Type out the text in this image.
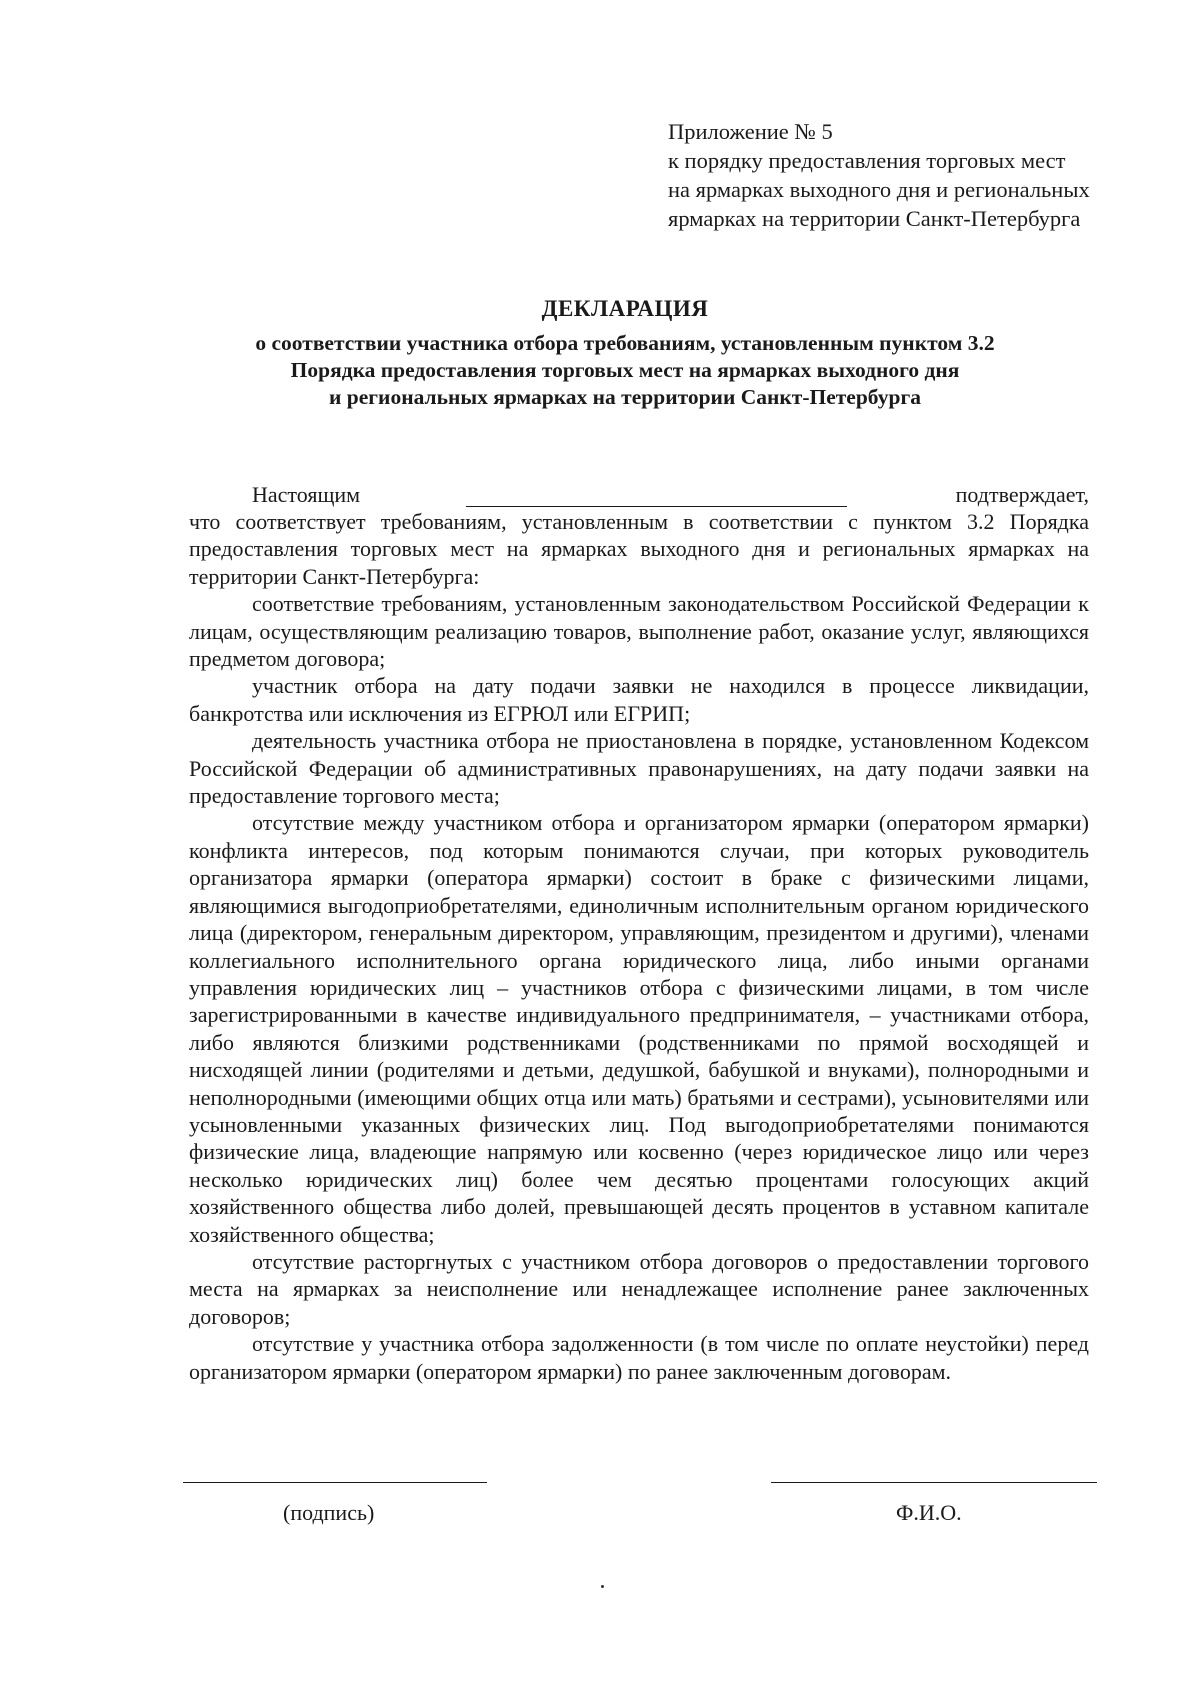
Приложение № 5
к порядку предоставления торговых мест
на ярмарках выходного дня и региональных
ярмарках на территории Санкт-Петербурга
ДЕКЛАРАЦИЯ
о соответствии участника отбора требованиям, установленным пунктом 3.2
Порядка предоставления торговых мест на ярмарках выходного дня
и региональных ярмарках на территории Санкт-Петербурга
Настоящим	подтверждает,

что соответствует требованиям, установленным в соответствии с пунктом 3.2 Порядка предоставления торговых мест на ярмарках выходного дня и региональных ярмарках на территории Санкт-Петербурга:

соответствие требованиям, установленным законодательством Российской Федерации к лицам, осуществляющим реализацию товаров, выполнение работ, оказание услуг, являющихся предметом договора;

участник отбора на дату подачи заявки не находился в процессе ликвидации, банкротства или исключения из ЕГРЮЛ или ЕГРИП;

деятельность участника отбора не приостановлена в порядке, установленном Кодексом Российской Федерации об административных правонарушениях, на дату подачи заявки на предоставление торгового места;

отсутствие между участником отбора и организатором ярмарки (оператором ярмарки) конфликта интересов, под которым понимаются случаи, при которых руководитель организатора ярмарки (оператора ярмарки) состоит в браке с физическими лицами, являющимися выгодоприобретателями, единоличным исполнительным органом юридического лица (директором, генеральным директором, управляющим, президентом и другими), членами коллегиального исполнительного органа юридического лица, либо иными органами управления юридических лиц – участников отбора с физическими лицами, в том числе зарегистрированными в качестве индивидуального предпринимателя, – участниками отбора, либо являются близкими родственниками (родственниками по прямой восходящей и нисходящей линии (родителями и детьми, дедушкой, бабушкой и внуками), полнородными и неполнородными (имеющими общих отца или мать) братьями и сестрами), усыновителями или усыновленными указанных физических лиц. Под выгодоприобретателями понимаются физические лица, владеющие напрямую или косвенно (через юридическое лицо или через несколько юридических лиц) более чем десятью процентами голосующих акций хозяйственного общества либо долей, превышающей десять процентов в уставном капитале хозяйственного общества;

отсутствие расторгнутых с участником отбора договоров о предоставлении торгового места на ярмарках за неисполнение или ненадлежащее исполнение ранее заключенных договоров;

отсутствие у участника отбора задолженности (в том числе по оплате неустойки) перед организатором ярмарки (оператором ярмарки) по ранее заключенным договорам.

(подпись)	Ф.И.О.
